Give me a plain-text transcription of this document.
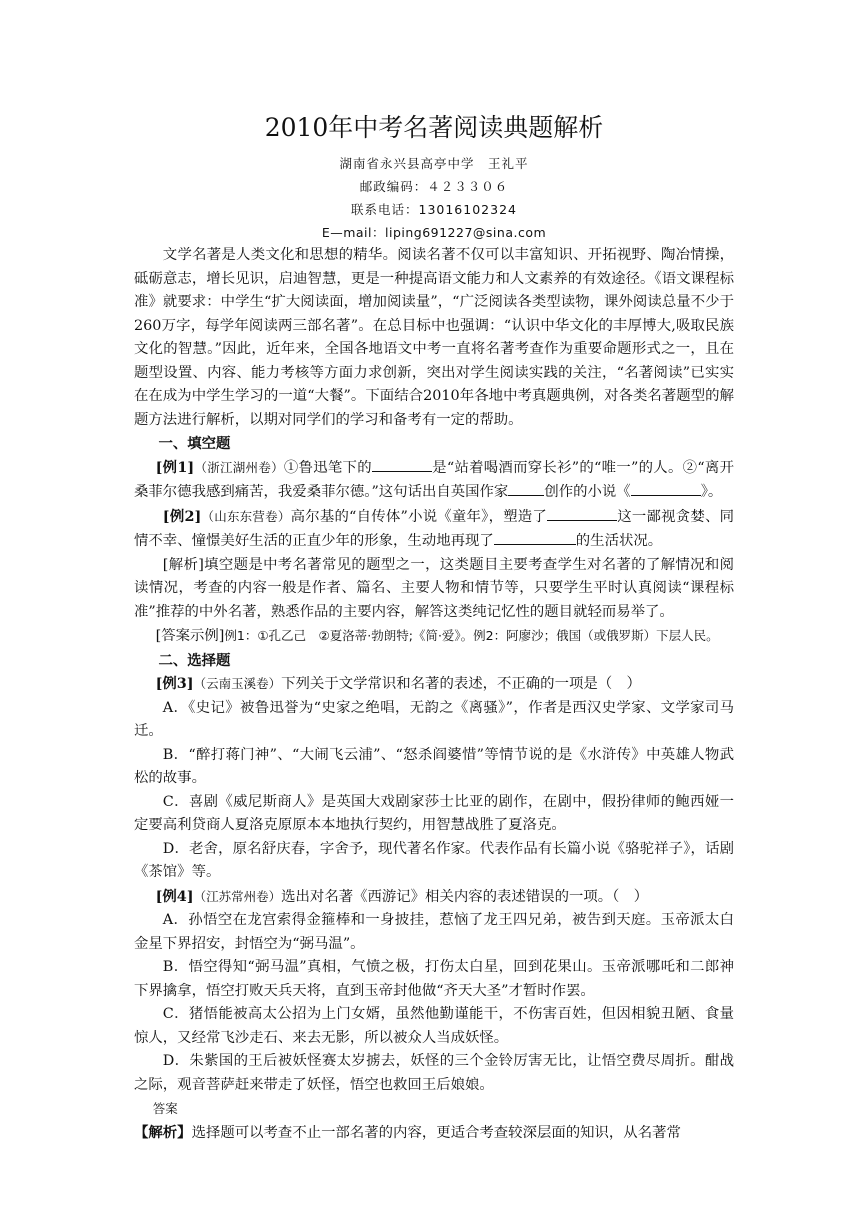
2010年中考名著阅读典题解析
湖南省永兴县高亭中学　王礼平
邮政编码：４２３３０６
联系电话：13016102324
E—mail：liping691227@sina.com

文学名著是人类文化和思想的精华。阅读名著不仅可以丰富知识、开拓视野、陶冶情操，砥砺意志，增长见识，启迪智慧，更是一种提高语文能力和人文素养的有效途径。《语文课程标准》就要求：中学生“扩大阅读面，增加阅读量”，“广泛阅读各类型读物，课外阅读总量不少于260万字，每学年阅读两三部名著”。在总目标中也强调：“认识中华文化的丰厚博大,吸取民族文化的智慧。”因此，近年来，全国各地语文中考一直将名著考查作为重要命题形式之一，且在题型设置、内容、能力考核等方面力求创新，突出对学生阅读实践的关注，“名著阅读”已实实在在成为中学生学习的一道“大餐”。下面结合2010年各地中考真题典例，对各类名著题型的解题方法进行解析，以期对同学们的学习和备考有一定的帮助。

一、填空题

[例1]（浙江湖州卷）①鲁迅笔下的	是“站着喝酒而穿长衫”的“唯一”的人。②“离开桑菲尔德我感到痛苦，我爱桑菲尔德。”这句话出自英国作家	创作的小说《	》。

[例2]（山东东营卷）高尔基的“自传体”小说《童年》，塑造了	这一鄙视贪婪、同情不幸、憧憬美好生活的正直少年的形象，生动地再现了	的生活状况。

[解析]填空题是中考名著常见的题型之一，这类题目主要考查学生对名著的了解情况和阅读情况，考查的内容一般是作者、篇名、主要人物和情节等，只要学生平时认真阅读“课程标准”推荐的中外名著，熟悉作品的主要内容，解答这类纯记忆性的题目就轻而易举了。

[答案示例]例1：①孔乙己　②夏洛蒂·勃朗特;《简·爱》。例2：阿廖沙；俄国（或俄罗斯）下层人民。

二、选择题

[例3]（云南玉溪卷）下列关于文学常识和名著的表述，不正确的一项是（　）

A．《史记》被鲁迅誉为“史家之绝唱，无韵之《离骚》”，作者是西汉史学家、文学家司马迁。

B．“醉打蒋门神”、“大闹飞云浦”、“怒杀阎婆惜”等情节说的是《水浒传》中英雄人物武松的故事。

C．喜剧《威尼斯商人》是英国大戏剧家莎士比亚的剧作，在剧中，假扮律师的鲍西娅一定要高利贷商人夏洛克原原本本地执行契约，用智慧战胜了夏洛克。

D．老舍，原名舒庆春，字舍予，现代著名作家。代表作品有长篇小说《骆驼祥子》，话剧《茶馆》等。

[例4]（江苏常州卷）选出对名著《西游记》相关内容的表述错误的一项。（　）

A．孙悟空在龙宫索得金箍棒和一身披挂，惹恼了龙王四兄弟，被告到天庭。玉帝派太白金星下界招安，封悟空为“弼马温”。

B．悟空得知“弼马温”真相，气愤之极，打伤太白星，回到花果山。玉帝派哪吒和二郎神下界擒拿，悟空打败天兵天将，直到玉帝封他做“齐天大圣”才暂时作罢。

C．猪悟能被高太公招为上门女婿，虽然他勤谨能干，不伤害百姓，但因相貌丑陋、食量惊人，又经常飞沙走石、来去无影，所以被众人当成妖怪。

D．朱紫国的王后被妖怪赛太岁掳去，妖怪的三个金铃厉害无比，让悟空费尽周折。酣战之际，观音菩萨赶来带走了妖怪，悟空也救回王后娘娘。

答案

【解析】选择题可以考查不止一部名著的内容，更适合考查较深层面的知识，从名著常
